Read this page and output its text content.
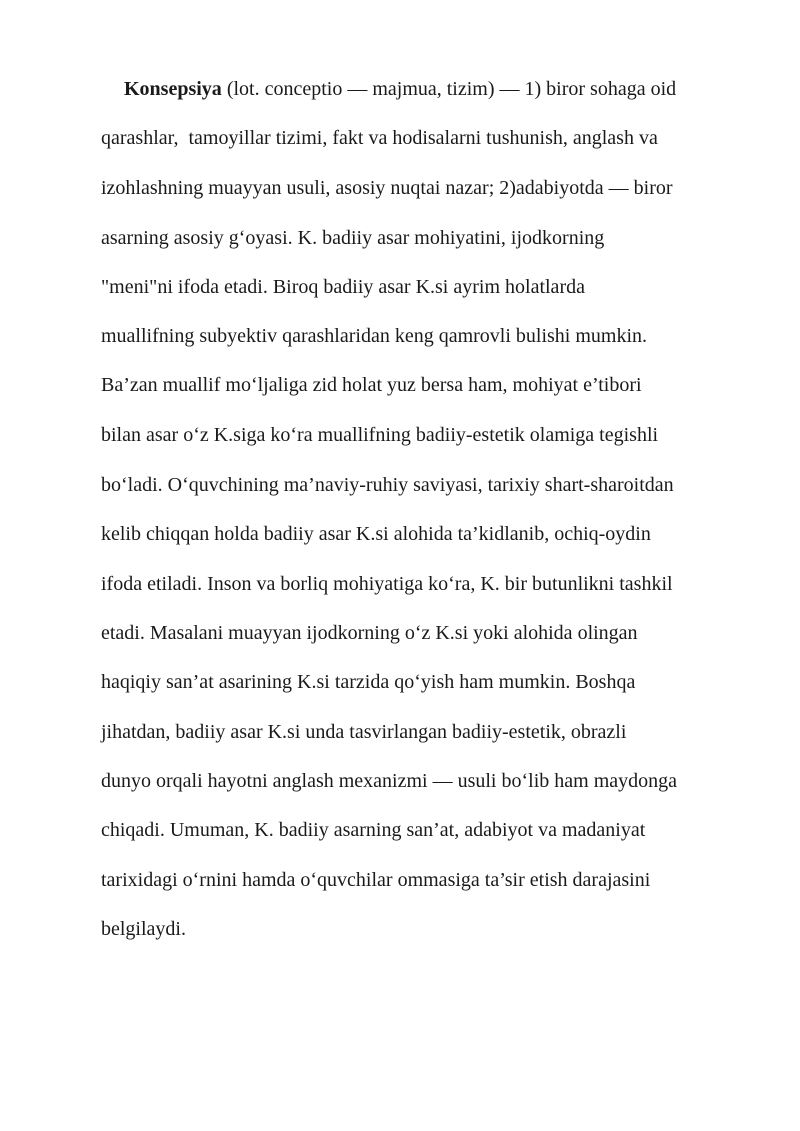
Konsepsiya (lot. conceptio — majmua, tizim) — 1) biror sohaga oid
qarashlar,  tamoyillar tizimi, fakt va hodisalarni tushunish, anglash va
izohlashning muayyan usuli, asosiy nuqtai nazar; 2)adabiyotda — biror
asarning asosiy gʻoyasi. K. badiiy asar mohiyatini, ijodkorning
"meni"ni ifoda etadi. Biroq badiiy asar K.si ayrim holatlarda
muallifning subyektiv qarashlaridan keng qamrovli bulishi mumkin.
Ba’zan muallif moʻljaliga zid holat yuz bersa ham, mohiyat e’tibori
bilan asar oʻz K.siga koʻra muallifning badiiy-estetik olamiga tegishli
boʻladi. Oʻquvchining ma’naviy-ruhiy saviyasi, tarixiy shart-sharoitdan
kelib chiqqan holda badiiy asar K.si alohida ta’kidlanib, ochiq-oydin
ifoda etiladi. Inson va borliq mohiyatiga koʻra, K. bir butunlikni tashkil
etadi. Masalani muayyan ijodkorning oʻz K.si yoki alohida olingan
haqiqiy san’at asarining K.si tarzida qoʻyish ham mumkin. Boshqa
jihatdan, badiiy asar K.si unda tasvirlangan badiiy-estetik, obrazli
dunyo orqali hayotni anglash mexanizmi — usuli boʻlib ham maydonga
chiqadi. Umuman, K. badiiy asarning san’at, adabiyot va madaniyat
tarixidagi oʻrnini hamda oʻquvchilar ommasiga ta’sir etish darajasini
belgilaydi.
